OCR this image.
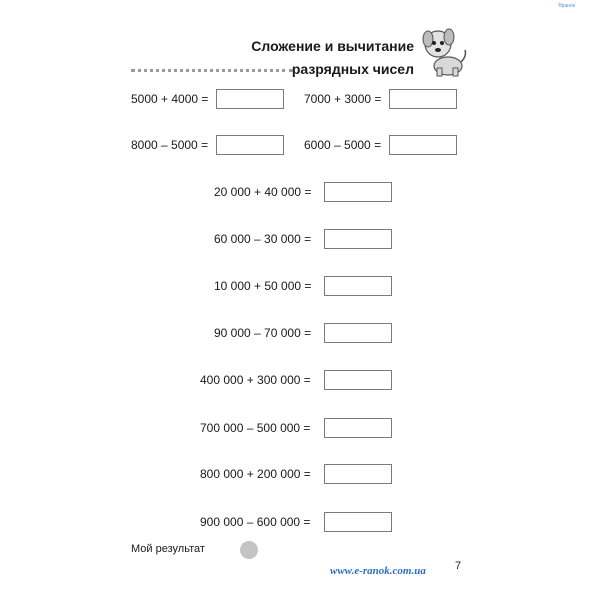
®ранок
Сложение и вычитание
разрядных чисел
5000 + 4000 =	7000 + 3000 =
8000 – 5000 =	6000 – 5000 =
20 000 + 40 000 =
60 000 – 30 000 =
10 000 + 50 000 =
90 000 – 70 000 =
400 000 + 300 000 =
700 000 – 500 000 =
800 000 + 200 000 =
900 000 – 600 000 =
Мой результат
www.e-ranok.com.ua	7
